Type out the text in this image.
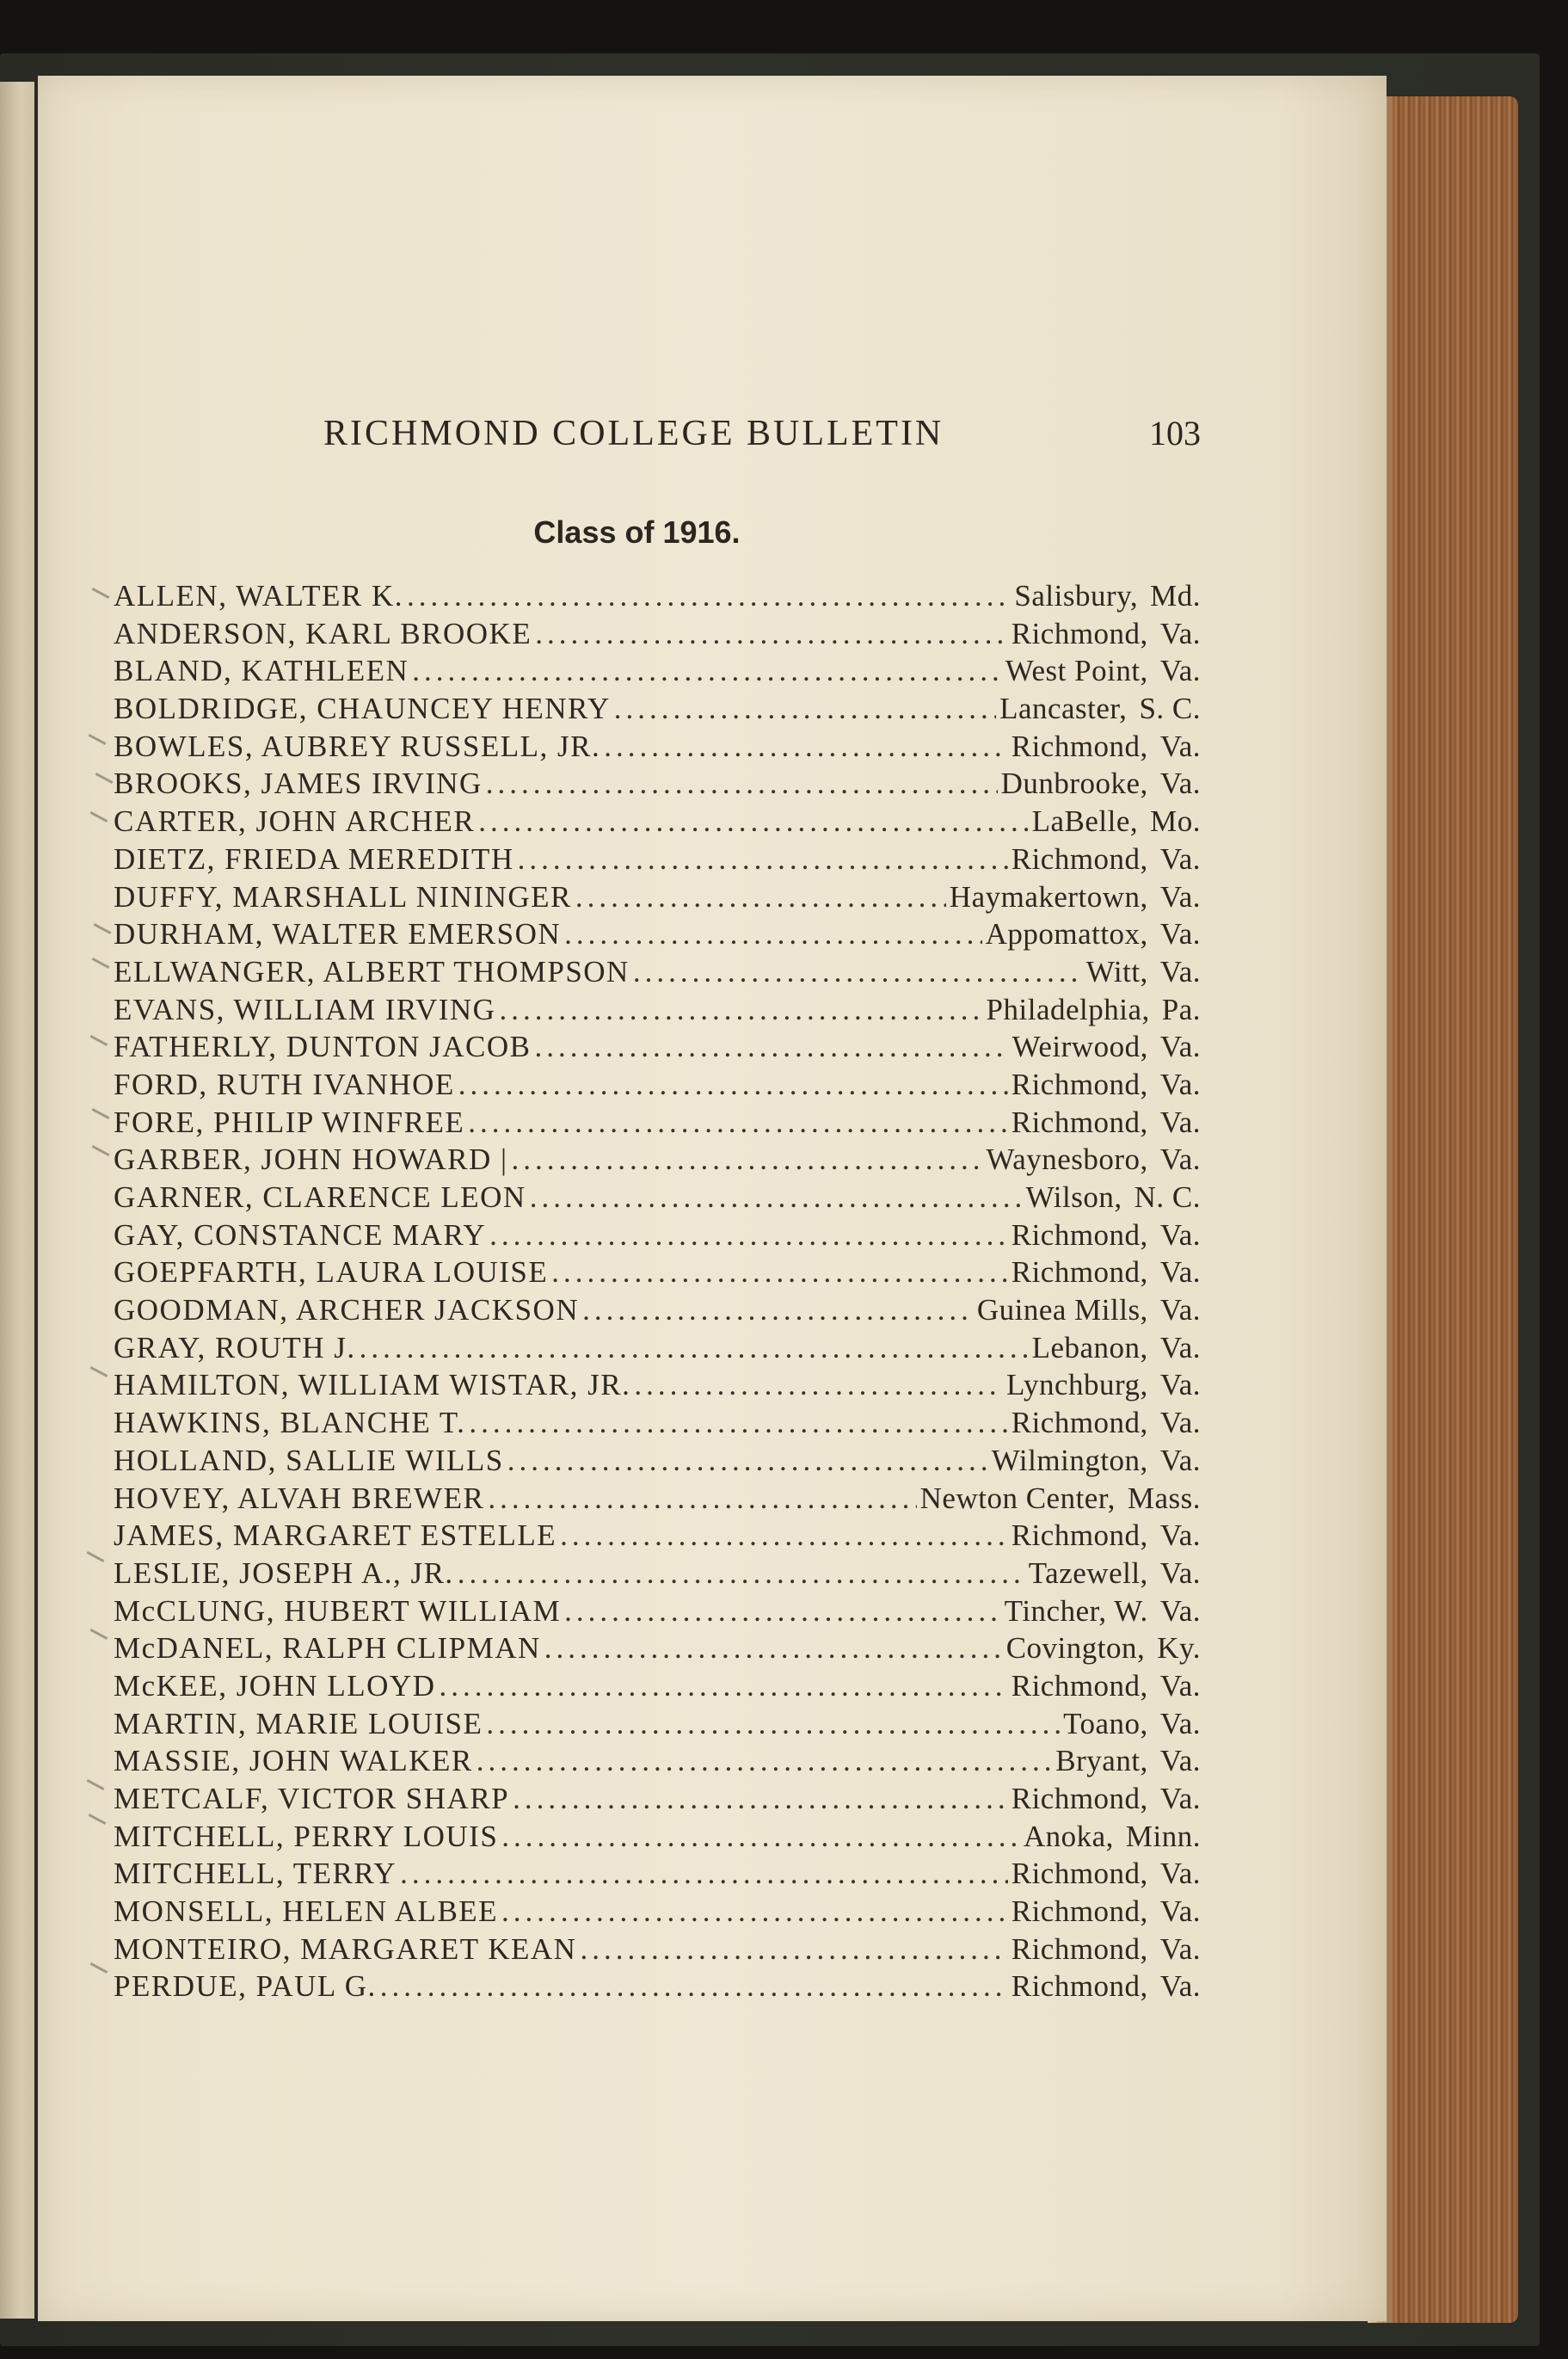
RICHMOND COLLEGE BULLETIN	103
Class of 1916.
ALLEN, WALTER K. .....	Salisbury, Md.
ANDERSON, KARL BROOKE .....	Richmond, Va.
BLAND, KATHLEEN .....	West Point, Va.
BOLDRIDGE, CHAUNCEY HENRY .....	Lancaster, S. C.
BOWLES, AUBREY RUSSELL, JR. .....	Richmond, Va.
BROOKS, JAMES IRVING .....	Dunbrooke, Va.
CARTER, JOHN ARCHER .....	LaBelle, Mo.
DIETZ, FRIEDA MEREDITH .....	Richmond, Va.
DUFFY, MARSHALL NININGER .....	Haymakertown, Va.
DURHAM, WALTER EMERSON .....	Appomattox, Va.
ELLWANGER, ALBERT THOMPSON .....	Witt, Va.
EVANS, WILLIAM IRVING .....	Philadelphia, Pa.
FATHERLY, DUNTON JACOB .....	Weirwood, Va.
FORD, RUTH IVANHOE .....	Richmond, Va.
FORE, PHILIP WINFREE .....	Richmond, Va.
GARBER, JOHN HOWARD | .....	Waynesboro, Va.
GARNER, CLARENCE LEON .....	Wilson, N. C.
GAY, CONSTANCE MARY .....	Richmond, Va.
GOEPFARTH, LAURA LOUISE .....	Richmond, Va.
GOODMAN, ARCHER JACKSON .....	Guinea Mills, Va.
GRAY, ROUTH J. .....	Lebanon, Va.
HAMILTON, WILLIAM WISTAR, JR. .....	Lynchburg, Va.
HAWKINS, BLANCHE T. .....	Richmond, Va.
HOLLAND, SALLIE WILLS .....	Wilmington, Va.
HOVEY, ALVAH BREWER .....	Newton Center, Mass.
JAMES, MARGARET ESTELLE .....	Richmond, Va.
LESLIE, JOSEPH A., JR. .....	Tazewell, Va.
McCLUNG, HUBERT WILLIAM .....	Tincher, W. Va.
McDANEL, RALPH CLIPMAN .....	Covington, Ky.
McKEE, JOHN LLOYD .....	Richmond, Va.
MARTIN, MARIE LOUISE .....	Toano, Va.
MASSIE, JOHN WALKER .....	Bryant, Va.
METCALF, VICTOR SHARP .....	Richmond, Va.
MITCHELL, PERRY LOUIS .....	Anoka, Minn.
MITCHELL, TERRY .....	Richmond, Va.
MONSELL, HELEN ALBEE .....	Richmond, Va.
MONTEIRO, MARGARET KEAN .....	Richmond, Va.
PERDUE, PAUL G. .....	Richmond, Va.
